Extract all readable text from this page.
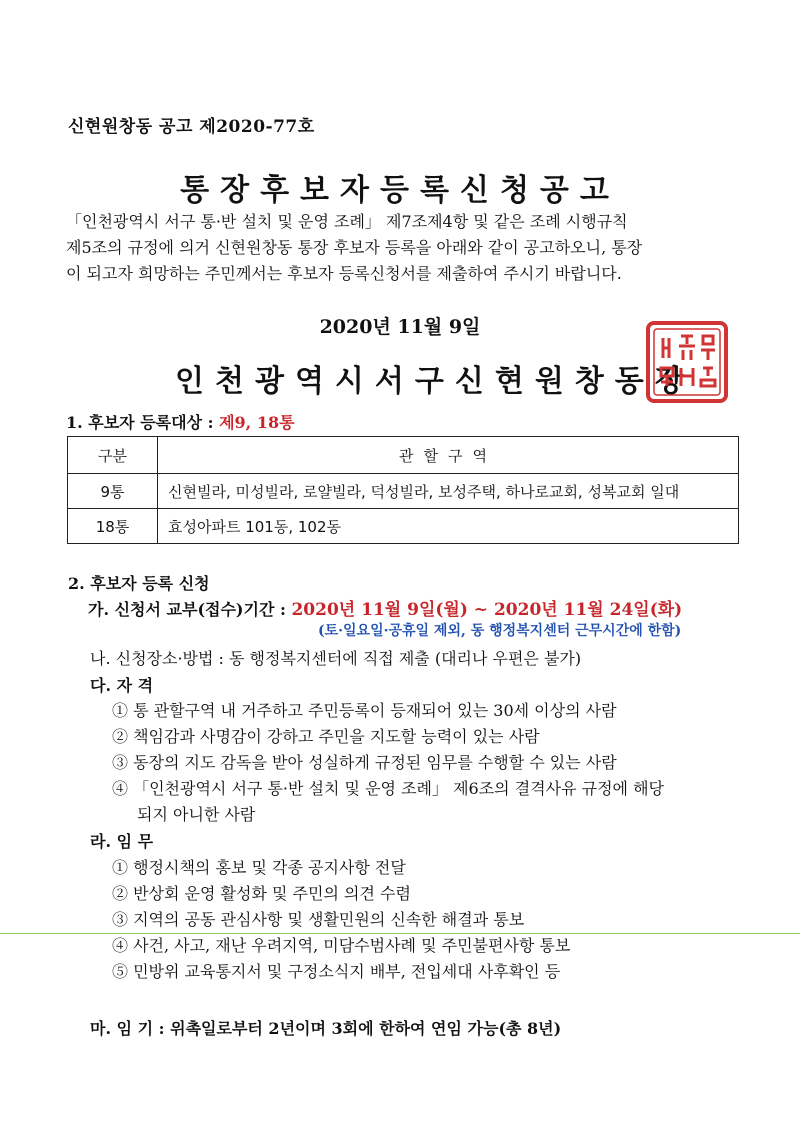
신현원창동 공고 제2020-77호
통장후보자등록신청공고
「인천광역시 서구 통·반 설치 및 운영 조례」 제7조제4항 및 같은 조례 시행규칙
제5조의 규정에 의거 신현원창동 통장 후보자 등록을 아래와 같이 공고하오니, 통장
이 되고자 희망하는 주민께서는 후보자 등록신청서를 제출하여 주시기 바랍니다.
2020년 11월 9일
인천광역시서구신현원창동장
1. 후보자 등록대상 : 제9, 18통
구분	관할구역
9통	신현빌라, 미성빌라, 로얄빌라, 덕성빌라, 보성주택, 하나로교회, 성복교회 일대
18통	효성아파트 101동, 102동
2. 후보자 등록 신청
가. 신청서 교부(접수)기간 : 2020년 11월 9일(월) ~ 2020년 11월 24일(화)
(토·일요일·공휴일 제외, 동 행정복지센터 근무시간에 한함)
나. 신청장소·방법 : 동 행정복지센터에 직접 제출 (대리나 우편은 불가)
다. 자 격
① 통 관할구역 내 거주하고 주민등록이 등재되어 있는 30세 이상의 사람
② 책임감과 사명감이 강하고 주민을 지도할 능력이 있는 사람
③ 동장의 지도 감독을 받아 성실하게 규정된 임무를 수행할 수 있는 사람
④ 「인천광역시 서구 통·반 설치 및 운영 조례」 제6조의 결격사유 규정에 해당
되지 아니한 사람
라. 임 무
① 행정시책의 홍보 및 각종 공지사항 전달
② 반상회 운영 활성화 및 주민의 의견 수렴
③ 지역의 공동 관심사항 및 생활민원의 신속한 해결과 통보
④ 사건, 사고, 재난 우려지역, 미담수범사례 및 주민불편사항 통보
⑤ 민방위 교육통지서 및 구정소식지 배부, 전입세대 사후확인 등
마. 임 기 : 위촉일로부터 2년이며 3회에 한하여 연임 가능(총 8년)
